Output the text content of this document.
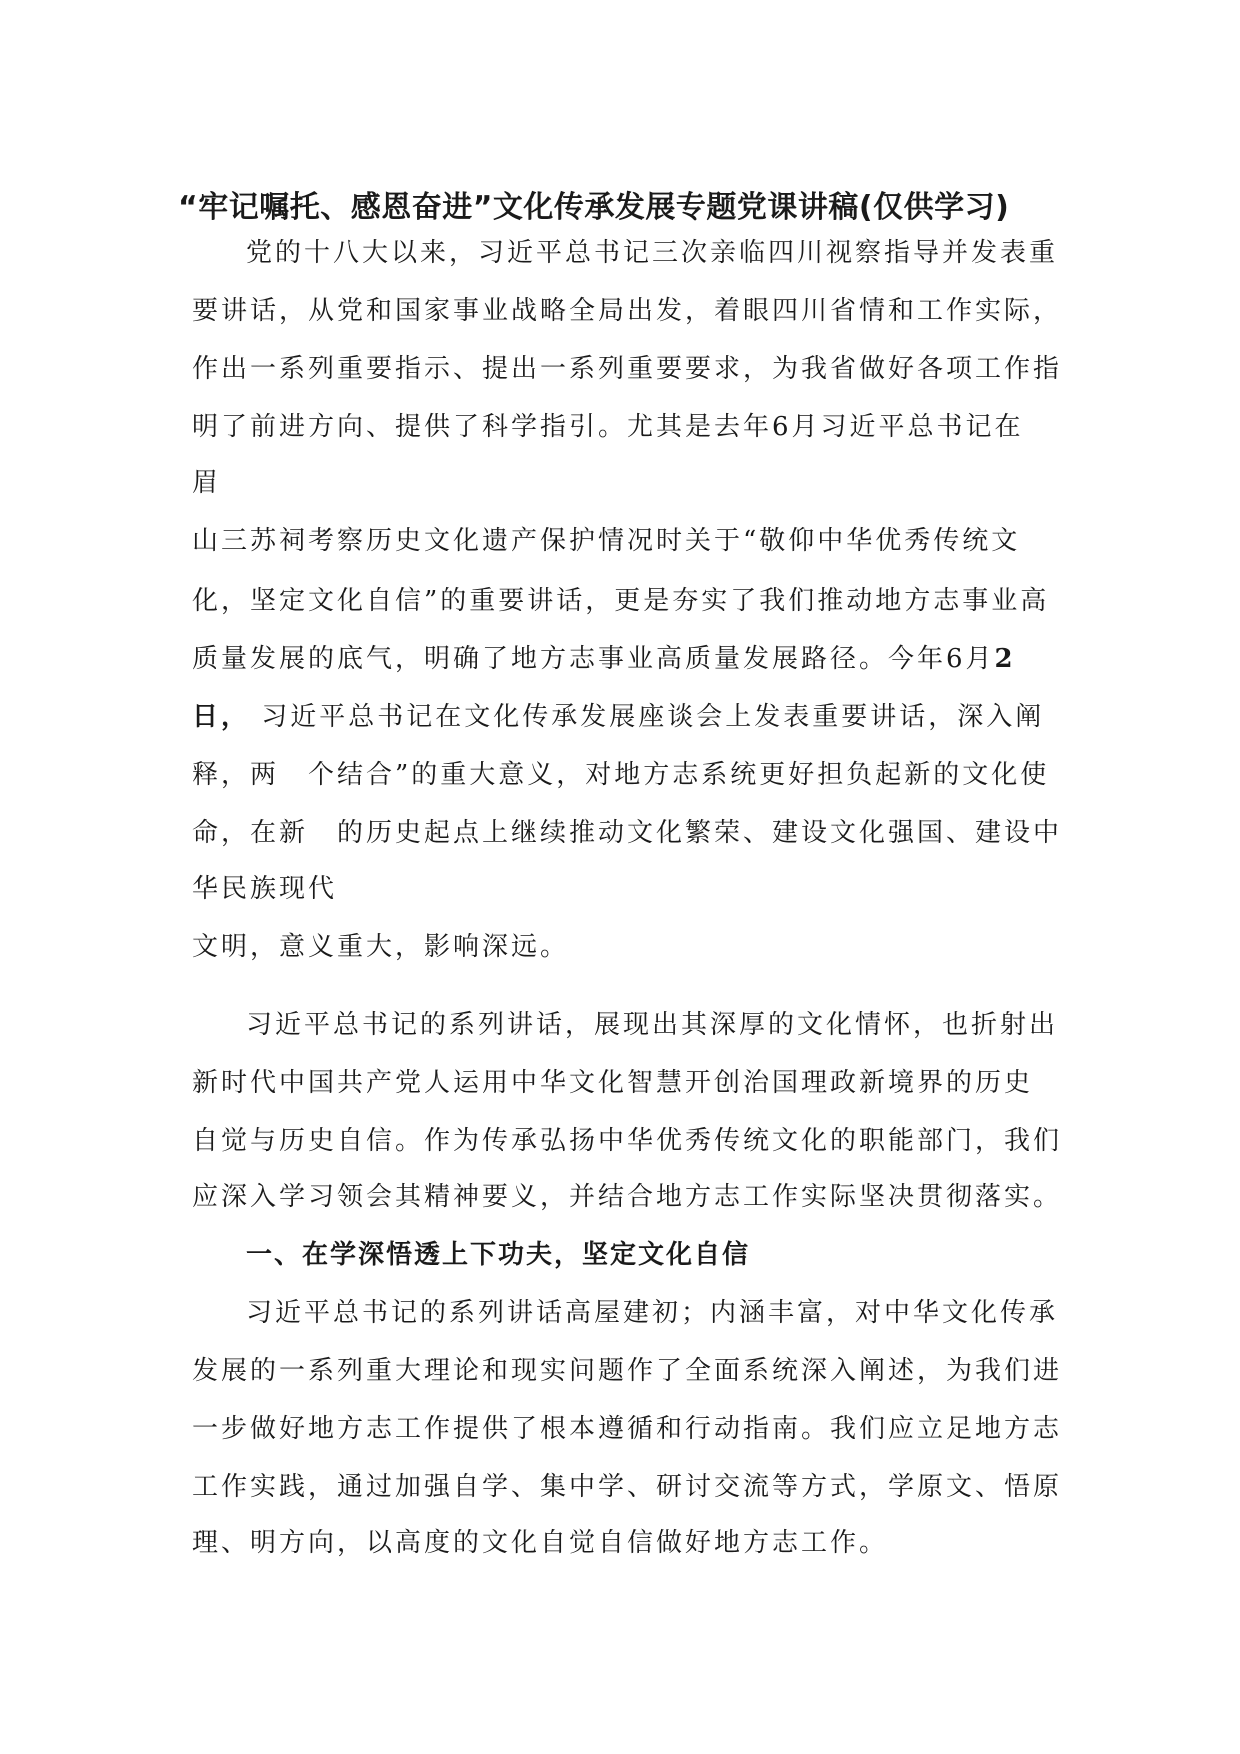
“牢记嘱托、感恩奋进”文化传承发展专题党课讲稿(仅供学习)
党的十八大以来，习近平总书记三次亲临四川视察指导并发表重
要讲话，从党和国家事业战略全局出发，着眼四川省情和工作实际，
作出一系列重要指示、提出一系列重要要求，为我省做好各项工作指
明了前进方向、提供了科学指引。尤其是去年6月习近平总书记在
眉
山三苏祠考察历史文化遗产保护情况时关于“敬仰中华优秀传统文
化，坚定文化自信”的重要讲话，更是夯实了我们推动地方志事业高
质量发展的底气，明确了地方志事业高质量发展路径。今年6月2
日， 习近平总书记在文化传承发展座谈会上发表重要讲话，深入阐
释，两　个结合”的重大意义，对地方志系统更好担负起新的文化使
命，在新　的历史起点上继续推动文化繁荣、建设文化强国、建设中
华民族现代
文明，意义重大，影响深远。
习近平总书记的系列讲话，展现出其深厚的文化情怀，也折射出
新时代中国共产党人运用中华文化智慧开创治国理政新境界的历史
自觉与历史自信。作为传承弘扬中华优秀传统文化的职能部门，我们
应深入学习领会其精神要义，并结合地方志工作实际坚决贯彻落实。
一、在学深悟透上下功夫，坚定文化自信
习近平总书记的系列讲话高屋建初；内涵丰富，对中华文化传承
发展的一系列重大理论和现实问题作了全面系统深入阐述，为我们进
一步做好地方志工作提供了根本遵循和行动指南。我们应立足地方志
工作实践，通过加强自学、集中学、研讨交流等方式，学原文、悟原
理、明方向，以高度的文化自觉自信做好地方志工作。
